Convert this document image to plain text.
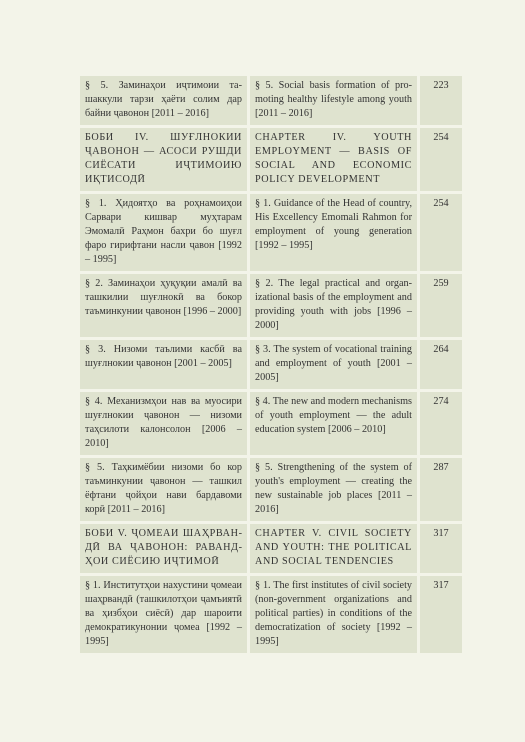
§ 5. Заминаҳои иҷтимоии ташаккули тарзи ҳаёти солим дар байни ҷавонон [2011 – 2016]	§ 5. Social basis formation of promoting healthy lifestyle among youth [2011 – 2016]	223

БОБИ IV. ШУҒЛНОКИИ ҶАВОНОН — АСОСИ РУШДИ СИЁСАТИ ИҶТИМОИЮ ИҚТИСОДӢ	CHAPTER IV. YOUTH EMPLOYMENT — BASIS OF SOCIAL AND ECONOMIC POLICY DEVELOPMENT	254

§ 1. Ҳидоятҳо ва роҳнамоиҳои Сарвари кишвар муҳтарам Эмомалӣ Раҳмон бахри бо шуғл фаро гирифтани насли ҷавон [1992 – 1995]	§ 1. Guidance of the Head of country, His Excellency Emomali Rahmon for employment of young generation [1992 – 1995]	254

§ 2. Заминаҳои ҳуқуқии амалӣ ва ташкилии шуғлнокӣ ва бокор таъминкунии ҷавонон [1996 – 2000]	§ 2. The legal practical and organizational basis of the employment and providing youth with jobs [1996 – 2000]	259

§ 3. Низоми таълими касбӣ ва шуғлнокии ҷавонон [2001 – 2005]	§ 3. The system of vocational training and employment of youth [2001 – 2005]	264

§ 4. Механизмҳои нав ва муосири шуғлнокии ҷавонон — низоми таҳсилоти калонсолон [2006 – 2010]	§ 4. The new and modern mechanisms of youth employment — the adult education system [2006 – 2010]	274

§ 5. Таҳкимёбии низоми бо кор таъминкунии ҷавонон — ташкил ёфтани ҷойҳои нави бардавоми корӣ [2011 – 2016]	§ 5. Strengthening of the system of youth's employment — creating the new sustainable job places [2011 – 2016]	287

БОБИ V. ҶОМЕАИ ШАҲРВАНДӢ ВА ҶАВОНОН: РАВАНДҲОИ СИЁСИЮ ИҶТИМОӢ	CHAPTER V. CIVIL SOCIETY AND YOUTH: THE POLITICAL AND SOCIAL TENDENCIES	317

§ 1. Институтҳои нахустини ҷомеаи шаҳрвандӣ (ташкилотҳои ҷамъиятӣ ва ҳизбҳои сиёсӣ) дар шароити демократикунонии ҷомеа [1992 – 1995]	§ 1. The first institutes of civil society (non-government organizations and political parties) in conditions of the democratization of society [1992 – 1995]	317
